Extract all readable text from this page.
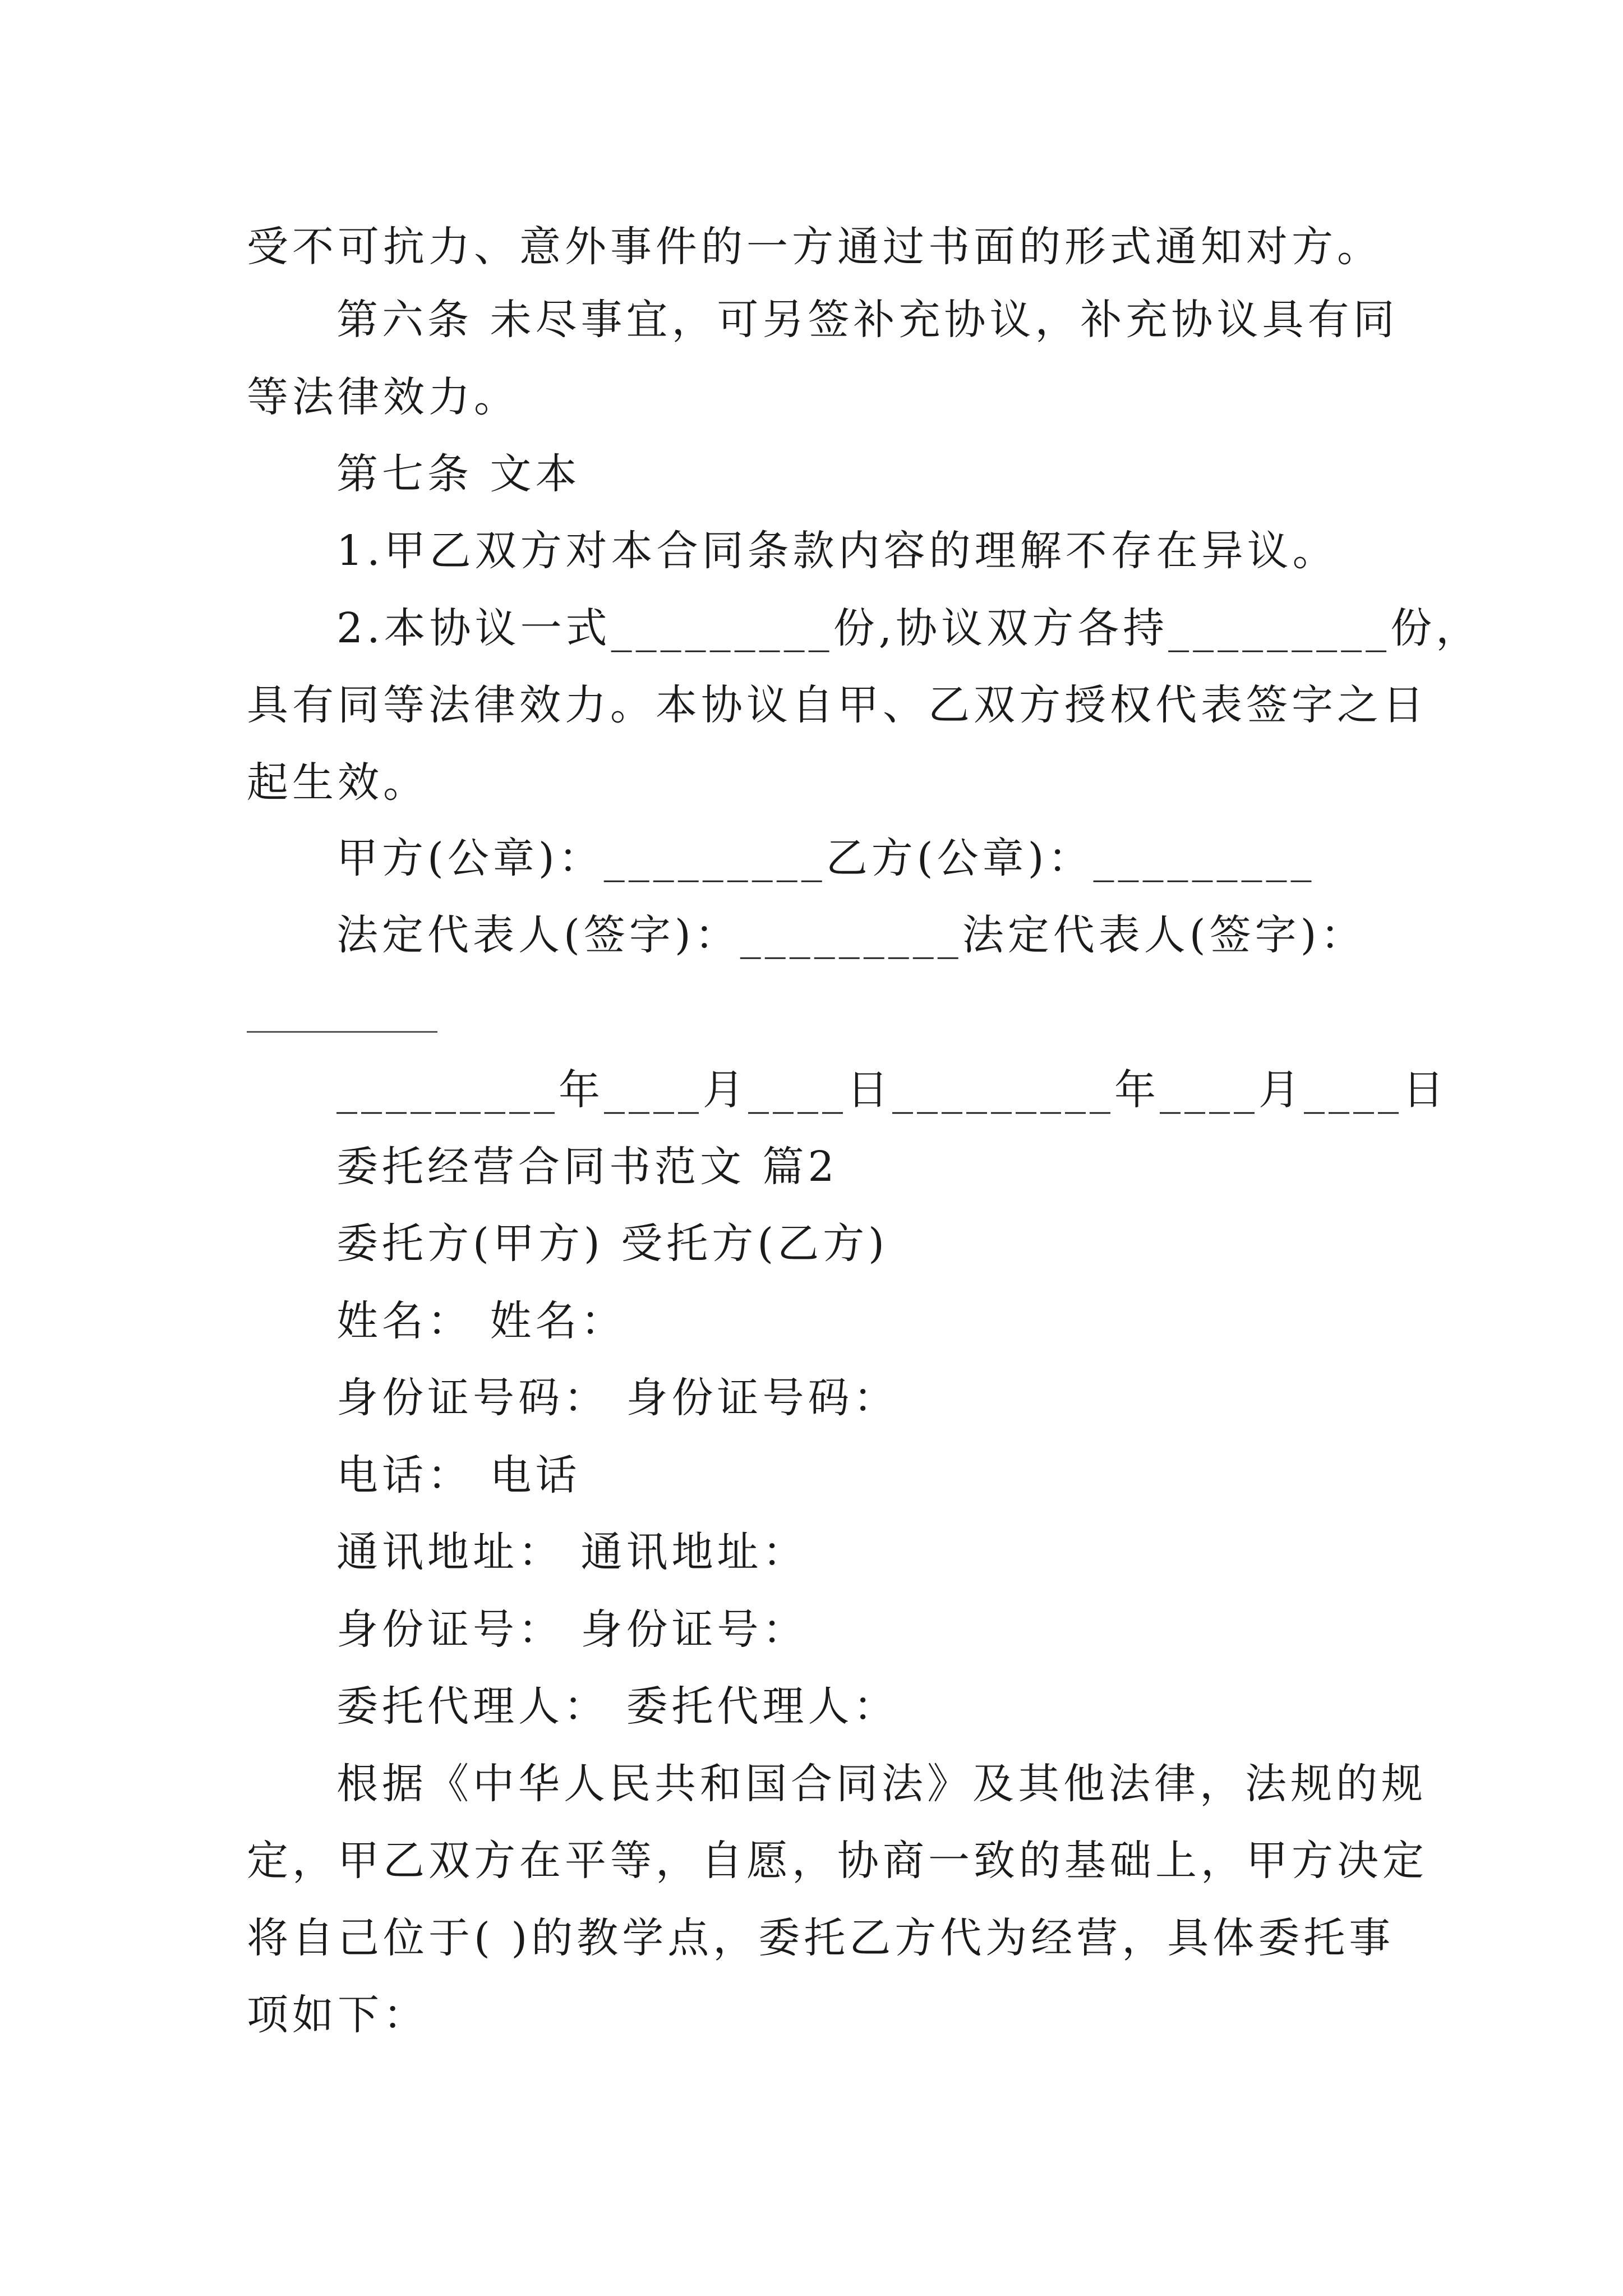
受不可抗力、意外事件的一方通过书面的形式通知对方。
第六条 未尽事宜，可另签补充协议，补充协议具有同
等法律效力。
第七条 文本
1.甲乙双方对本合同条款内容的理解不存在异议。
2.本协议一式_________份,协议双方各持_________份，
具有同等法律效力。本协议自甲、乙双方授权代表签字之日
起生效。
甲方(公章)：_________乙方(公章)：_________
法定代表人(签字)：_________法定代表人(签字)：
_________年____月____日_________年____月____日
委托经营合同书范文 篇2
委托方(甲方) 受托方(乙方)
姓名： 姓名：
身份证号码： 身份证号码：
电话： 电话
通讯地址： 通讯地址：
身份证号： 身份证号：
委托代理人： 委托代理人：
根据《中华人民共和国合同法》及其他法律，法规的规
定，甲乙双方在平等，自愿，协商一致的基础上，甲方决定
将自己位于( )的教学点，委托乙方代为经营，具体委托事
项如下：
